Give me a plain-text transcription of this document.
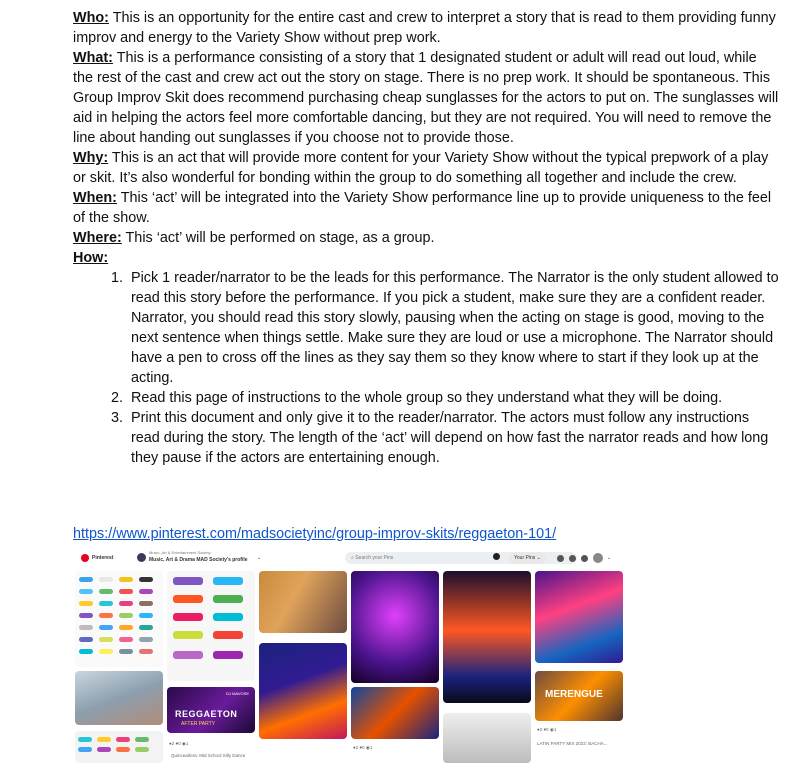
Who: This is an opportunity for the entire cast and crew to interpret a story that is read to them providing funny improv and energy to the Variety Show without prep work.

What: This is a performance consisting of a story that 1 designated student or adult will read out loud, while the rest of the cast and crew act out the story on stage. There is no prep work. It should be spontaneous. This Group Improv Skit does recommend purchasing cheap sunglasses for the actors to put on. The sunglasses will aid in helping the actors feel more comfortable dancing, but they are not required. You will need to remove the line about handing out sunglasses if you choose not to provide those.

Why: This is an act that will provide more content for your Variety Show without the typical prepwork of a play or skit. It’s also wonderful for bonding within the group to do something all together and include the crew.

When: This ‘act’ will be integrated into the Variety Show performance line up to provide uniqueness to the feel of the show.

Where: This ‘act’ will be performed on stage, as a group.

How:

1. Pick 1 reader/narrator to be the leads for this performance. The Narrator is the only student allowed to read this story before the performance. If you pick a student, make sure they are a confident reader. Narrator, you should read this story slowly, pausing when the acting on stage is good, moving to the next sentence when things settle. Make sure they are loud or use a microphone. The Narrator should have a pen to cross off the lines as they say them so they know where to start if they look up at the acting.
2. Read this page of instructions to the whole group so they understand what they will be doing.
3. Print this document and only give it to the reader/narrator. The actors must follow any instructions read during the story. The length of the ‘act’ will depend on how fast the narrator reads and how long they pause if the actors are entertaining enough.
https://www.pinterest.com/madsocietyinc/group-improv-skits/reggaeton-101/
Pinterest
Music, Art & Entertainment Society
Music, Art & Drama MAD Society's profile ⌄	⌕ Search your Pins	Your Pins ⌄	⌄
DJ MAVOSE
REGGAETON
AFTER PARTY
●2 ♥0 ◉1
Quinceañera: Mid School Silly Dance
●2 ♥0 ◉1
MERENGUE
●2 ♥0 ◉1
LATIN PARTY MIX 2023: BACHA...
